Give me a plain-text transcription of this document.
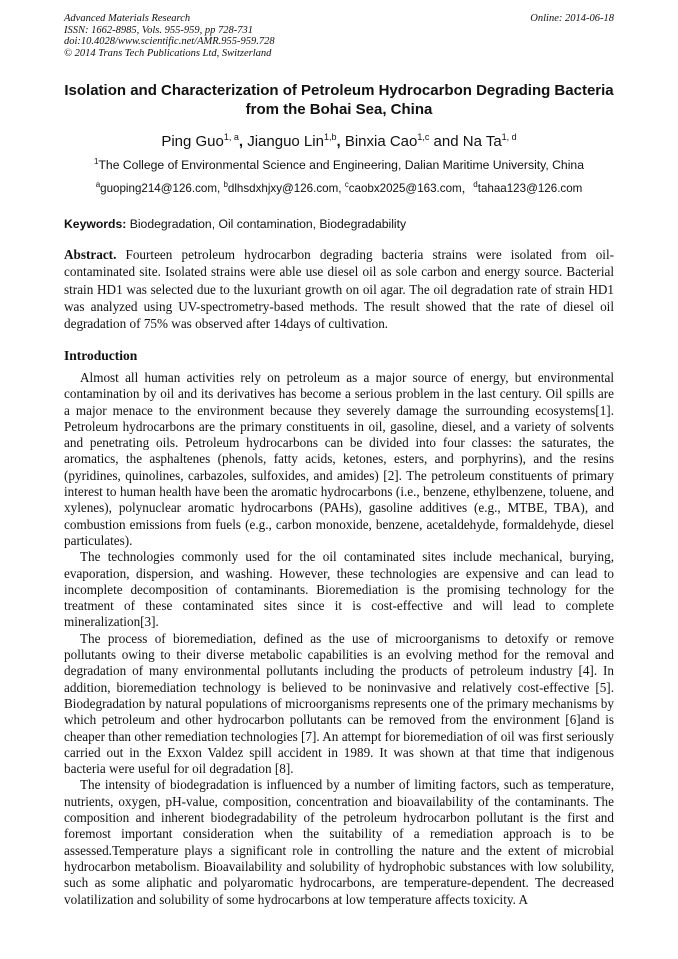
Advanced Materials Research
ISSN: 1662-8985, Vols. 955-959, pp 728-731
doi:10.4028/www.scientific.net/AMR.955-959.728
© 2014 Trans Tech Publications Ltd, Switzerland
Online: 2014-06-18
Isolation and Characterization of Petroleum Hydrocarbon Degrading Bacteria from the Bohai Sea, China
Ping Guo$^{1, a}$, Jianguo Lin$^{1,b}$, Binxia Cao$^{1,c}$ and Na Ta$^{1, d}$
$^1$The College of Environmental Science and Engineering, Dalian Maritime University, China
$^a$guoping214@126.com, $^b$dlhsdxhjxy@126.com, $^c$caobx2025@163.com，$^d$tahaa123@126.com
Keywords: Biodegradation, Oil contamination, Biodegradability
Abstract. Fourteen petroleum hydrocarbon degrading bacteria strains were isolated from oil-contaminated site. Isolated strains were able use diesel oil as sole carbon and energy source. Bacterial strain HD1 was selected due to the luxuriant growth on oil agar. The oil degradation rate of strain HD1 was analyzed using UV-spectrometry-based methods. The result showed that the rate of diesel oil degradation of 75% was observed after 14days of cultivation.
Introduction

Almost all human activities rely on petroleum as a major source of energy, but environmental contamination by oil and its derivatives has become a serious problem in the last century. Oil spills are a major menace to the environment because they severely damage the surrounding ecosystems[1]. Petroleum hydrocarbons are the primary constituents in oil, gasoline, diesel, and a variety of solvents and penetrating oils. Petroleum hydrocarbons can be divided into four classes: the saturates, the aromatics, the asphaltenes (phenols, fatty acids, ketones, esters, and porphyrins), and the resins (pyridines, quinolines, carbazoles, sulfoxides, and amides) [2]. The petroleum constituents of primary interest to human health have been the aromatic hydrocarbons (i.e., benzene, ethylbenzene, toluene, and xylenes), polynuclear aromatic hydrocarbons (PAHs), gasoline additives (e.g., MTBE, TBA), and combustion emissions from fuels (e.g., carbon monoxide, benzene, acetaldehyde, formaldehyde, diesel particulates).

The technologies commonly used for the oil contaminated sites include mechanical, burying, evaporation, dispersion, and washing. However, these technologies are expensive and can lead to incomplete decomposition of contaminants. Bioremediation is the promising technology for the treatment of these contaminated sites since it is cost-effective and will lead to complete mineralization[3].

The process of bioremediation, defined as the use of microorganisms to detoxify or remove pollutants owing to their diverse metabolic capabilities is an evolving method for the removal and degradation of many environmental pollutants including the products of petroleum industry [4]. In addition, bioremediation technology is believed to be noninvasive and relatively cost-effective [5]. Biodegradation by natural populations of microorganisms represents one of the primary mechanisms by which petroleum and other hydrocarbon pollutants can be removed from the environment [6]and is cheaper than other remediation technologies [7]. An attempt for bioremediation of oil was first seriously carried out in the Exxon Valdez spill accident in 1989. It was shown at that time that indigenous bacteria were useful for oil degradation [8].

The intensity of biodegradation is influenced by a number of limiting factors, such as temperature, nutrients, oxygen, pH-value, composition, concentration and bioavailability of the contaminants. The composition and inherent biodegradability of the petroleum hydrocarbon pollutant is the first and foremost important consideration when the suitability of a remediation approach is to be assessed.Temperature plays a significant role in controlling the nature and the extent of microbial hydrocarbon metabolism. Bioavailability and solubility of hydrophobic substances with low solubility, such as some aliphatic and polyaromatic hydrocarbons, are temperature-dependent. The decreased volatilization and solubility of some hydrocarbons at low temperature affects toxicity. A
